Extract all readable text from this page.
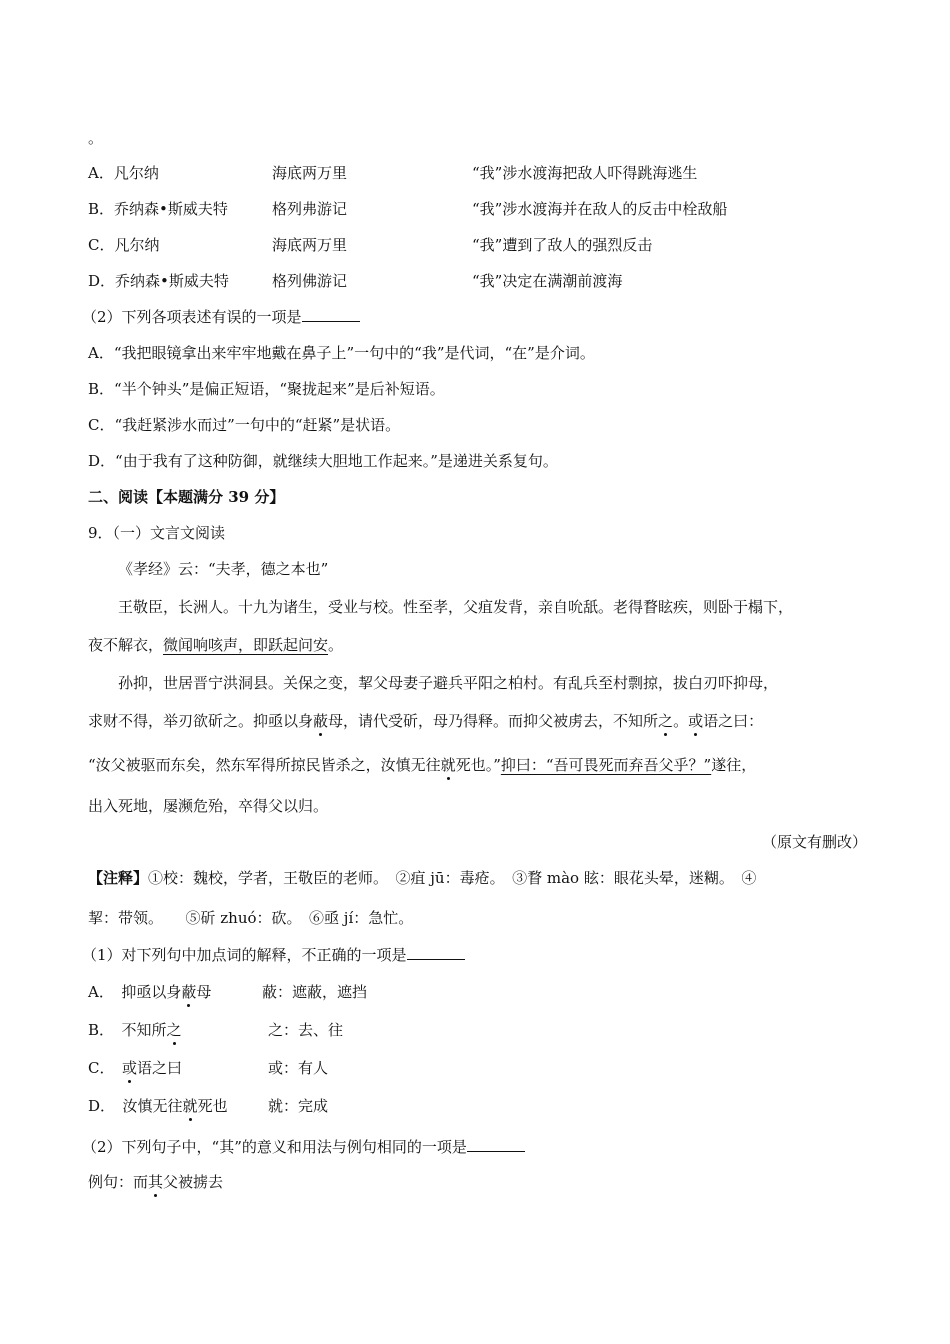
。
A．凡尔纳	海底两万里	“我”涉水渡海把敌人吓得跳海逃生
B．乔纳森•斯威夫特	格列弗游记	“我”涉水渡海并在敌人的反击中栓敌船
C．凡尔纳	海底两万里	“我”遭到了敌人的强烈反击
D．乔纳森•斯威夫特	格列佛游记	“我”决定在满潮前渡海
（2）下列各项表述有误的一项是
A．“我把眼镜拿出来牢牢地戴在鼻子上”一句中的“我”是代词，“在”是介词。
B．“半个钟头”是偏正短语，“聚拢起来”是后补短语。
C．“我赶紧涉水而过”一句中的“赶紧”是状语。
D．“由于我有了这种防御，就继续大胆地工作起来。”是递进关系复句。
二、阅读【本题满分 39 分】
9．（一）文言文阅读
《孝经》云：“夫孝，德之本也”
王敬臣，长洲人。十九为诸生，受业与校。性至孝，父疽发背，亲自吮舐。老得瞀眩疾，则卧于榻下，
夜不解衣，微闻响咳声，即跃起问安。
孙抑，世居晋宁洪洞县。关保之变，挈父母妻子避兵平阳之柏村。有乱兵至村剽掠，拔白刃吓抑母，
求财不得，举刃欲斫之。抑亟以身蔽母，请代受斫，母乃得释。而抑父被虏去，不知所之。或语之曰：
“汝父被驱而东矣，然东军得所掠民皆杀之，汝慎无往就死也。”抑曰：“吾可畏死而弃吾父乎？”遂往，
出入死地，屡濒危殆，卒得父以归。
（原文有删改）
【注释】①校：魏校，学者，王敬臣的老师。　②疽 jū：毒疮。　③瞀 mào 眩：眼花头晕，迷糊。　④
挈：带领。　　⑤斫 zhuó：砍。　⑥亟 jí：急忙。
（1）对下列句中加点词的解释，不正确的一项是
A．　抑亟以身蔽母	蔽：遮蔽，遮挡
B．　不知所之	之：去、往
C．　 或语之曰	或：有人
D．　汝慎无往就死也	就：完成
（2）下列句子中，“其”的意义和用法与例句相同的一项是
例句：而其父被掳去
